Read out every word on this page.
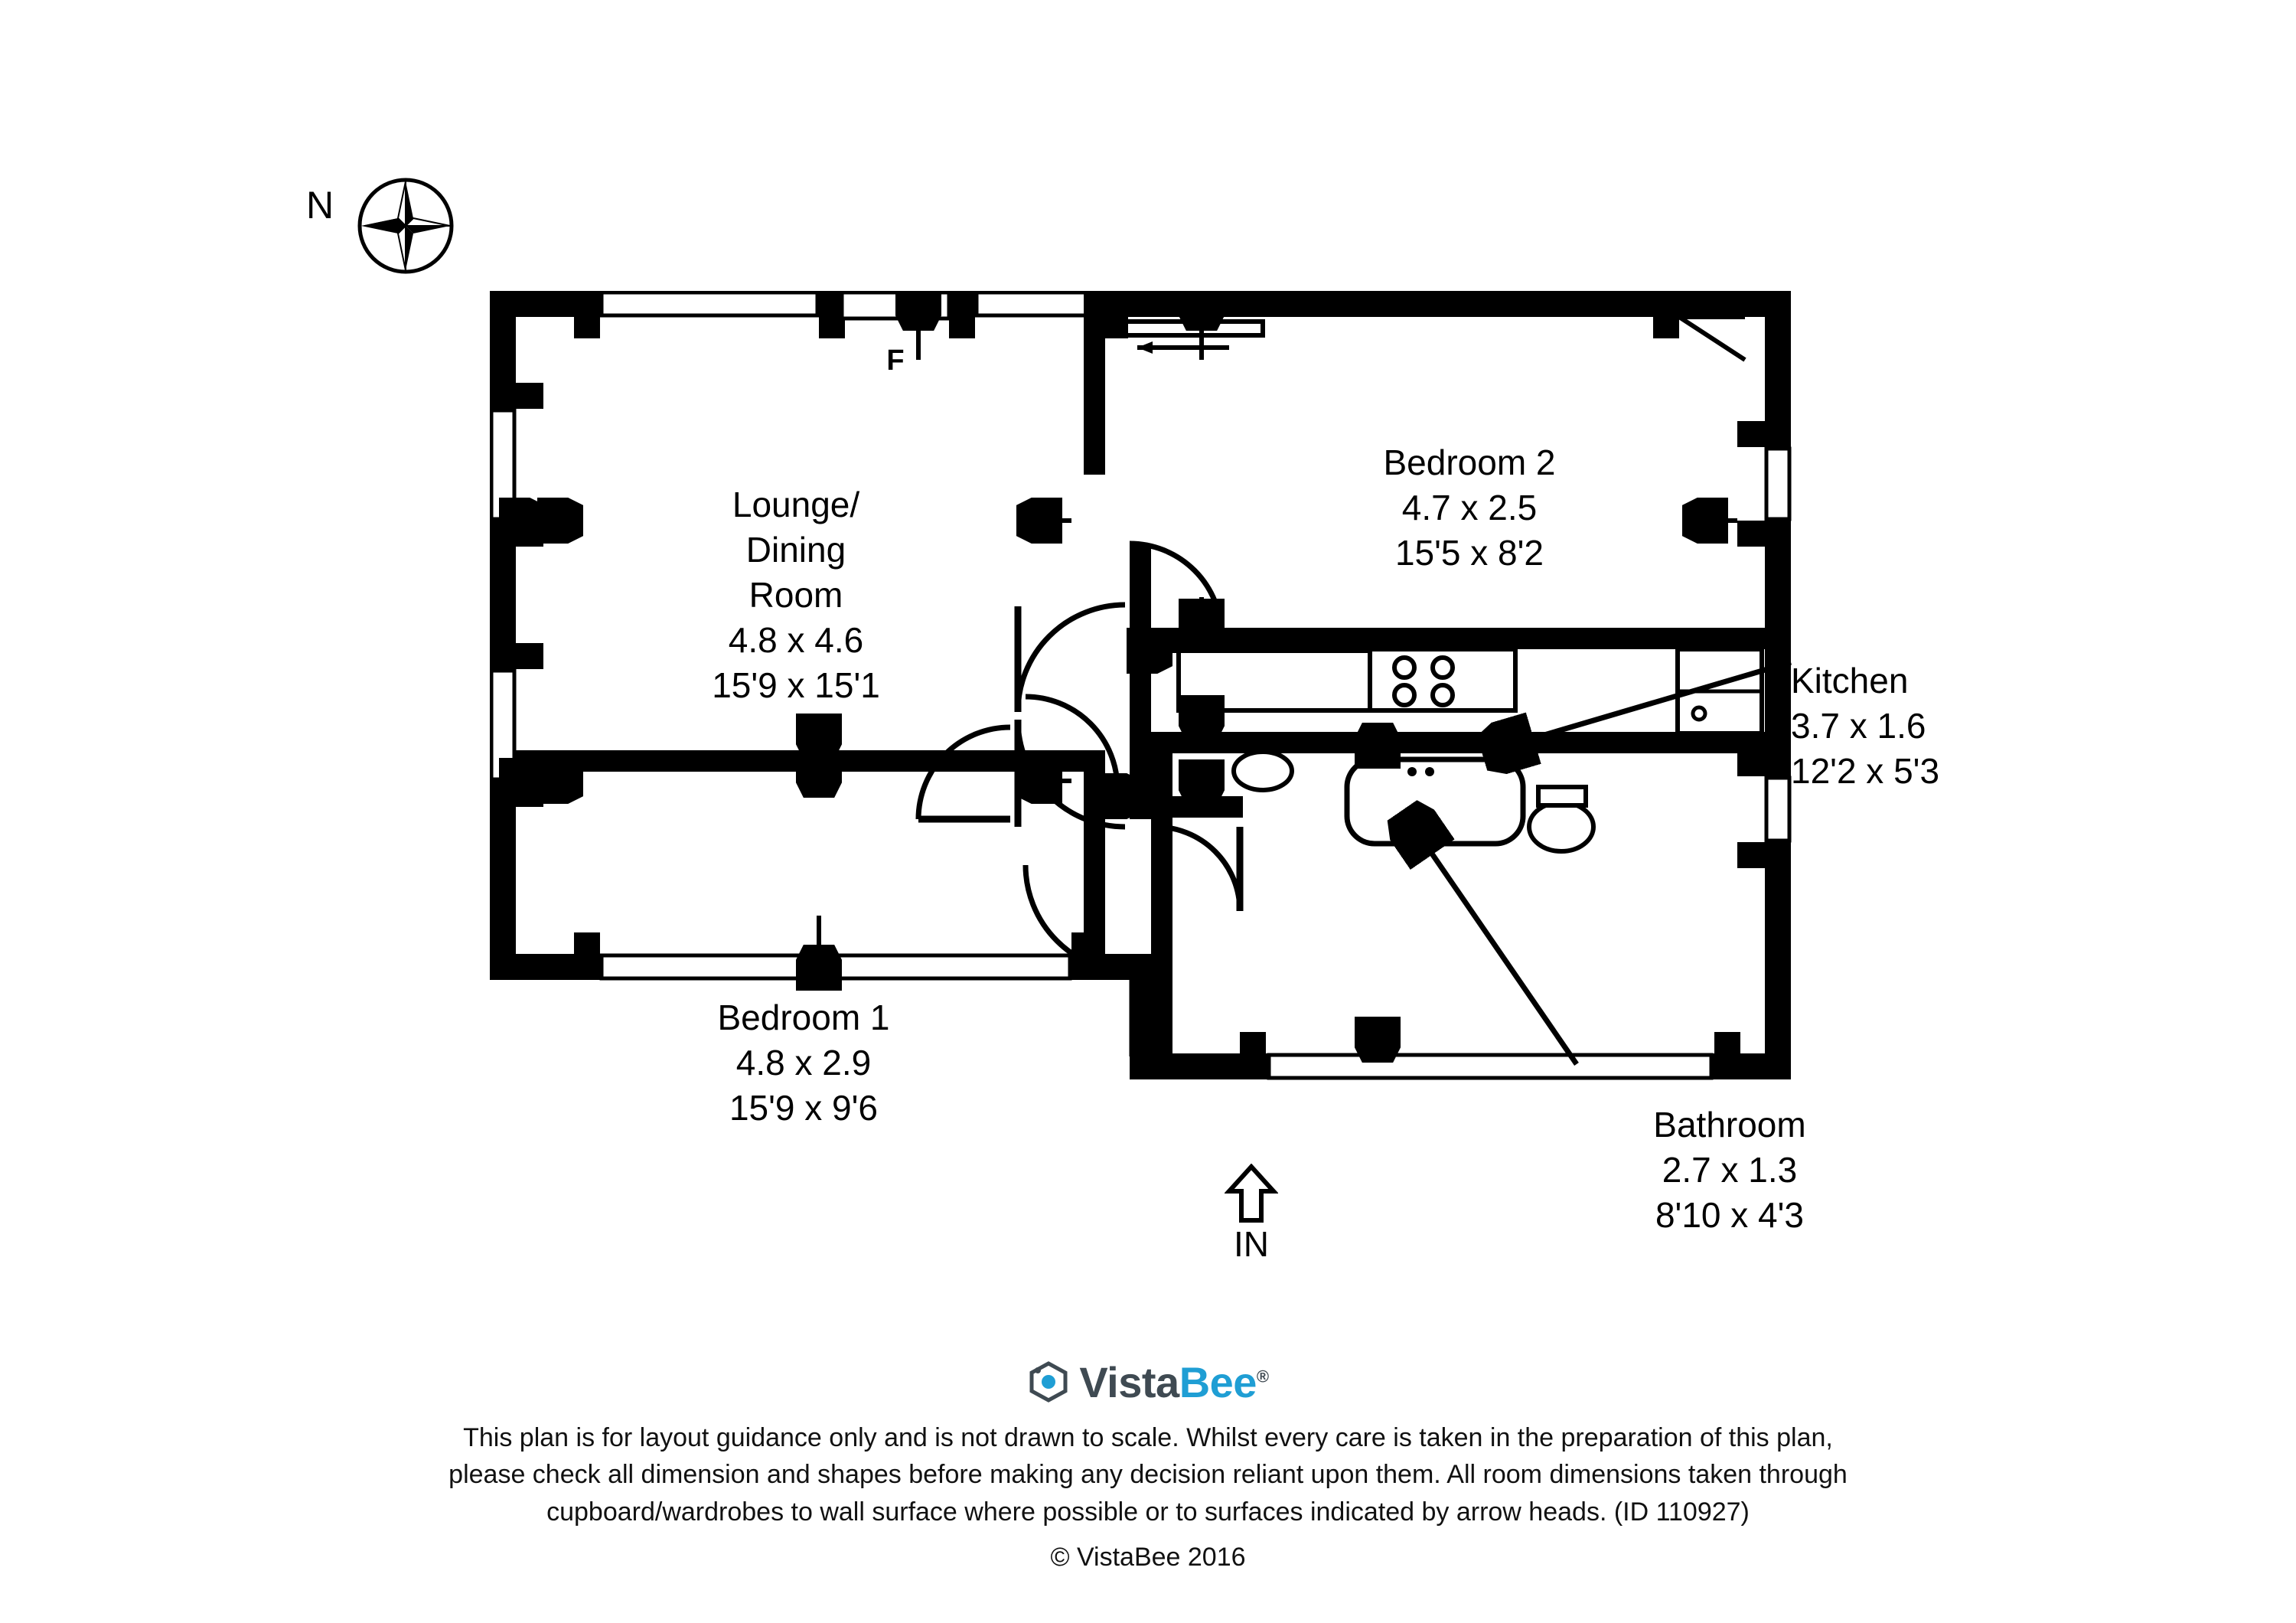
N
F
Lounge/
Dining
Room
4.8 x 4.6
15'9 x 15'1
Bedroom 1
4.8 x 2.9
15'9 x 9'6
Bedroom 2
4.7 x 2.5
15'5 x 8'2
Kitchen
3.7 x 1.6
12'2 x 5'3
Bathroom
2.7 x 1.3
8'10 x 4'3
IN
VistaBee®
This plan is for layout guidance only and is not drawn to scale. Whilst every care is taken in the preparation of this plan,
please check all dimension and shapes before making any decision reliant upon them. All room dimensions taken through
cupboard/wardrobes to wall surface where possible or to surfaces indicated by arrow heads. (ID 110927)
© VistaBee 2016
